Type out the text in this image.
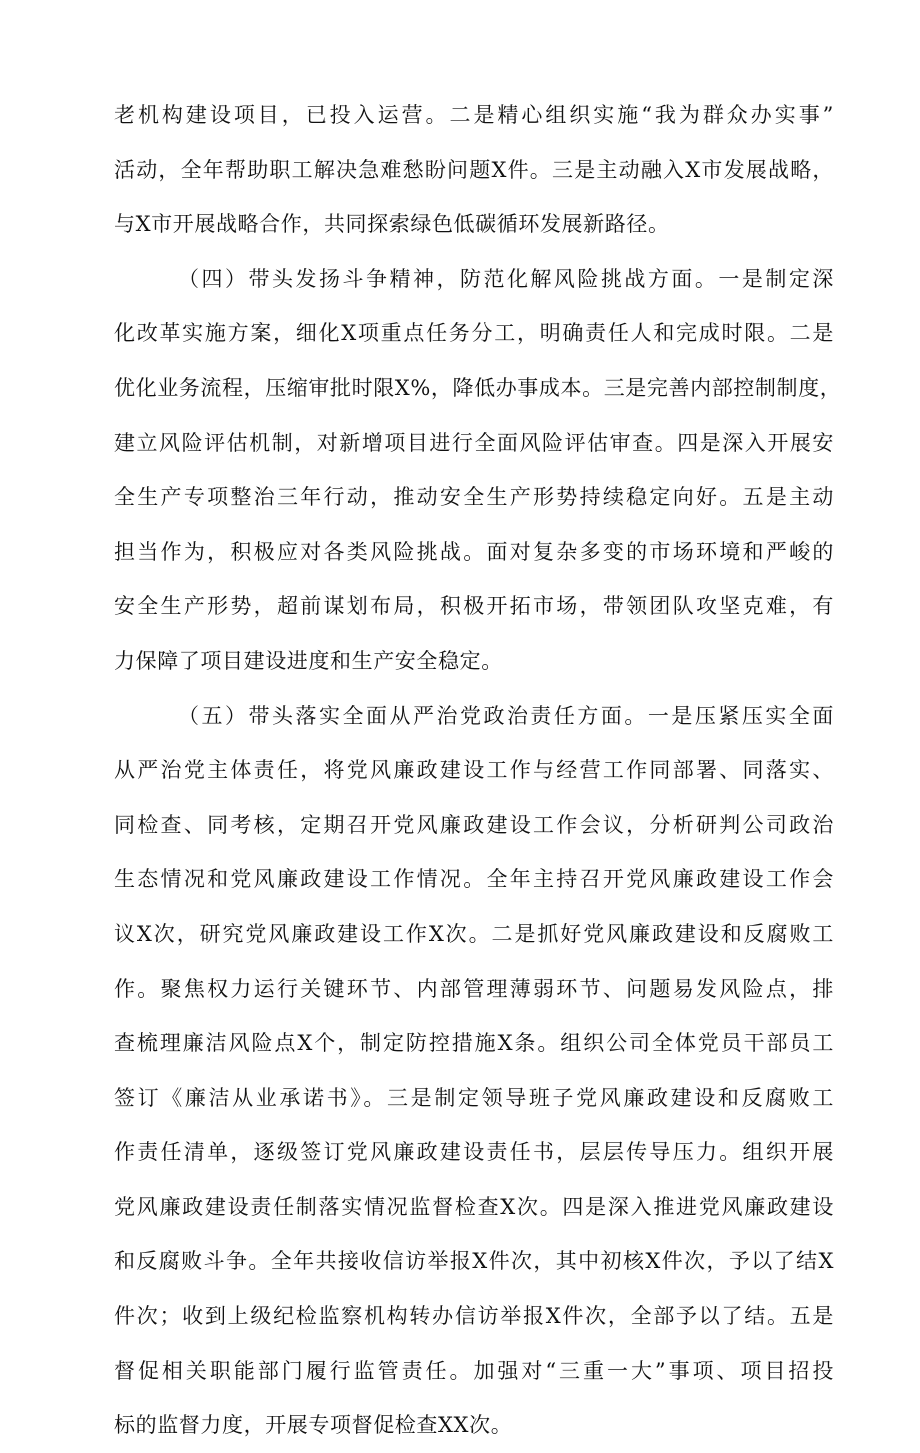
老机构建设项目，已投入运营。二是精心组织实施“我为群众办实事”
活动，全年帮助职工解决急难愁盼问题X件。三是主动融入X市发展战略，
与X市开展战略合作，共同探索绿色低碳循环发展新路径。
（四）带头发扬斗争精神，防范化解风险挑战方面。一是制定深
化改革实施方案，细化X项重点任务分工，明确责任人和完成时限。二是
优化业务流程，压缩审批时限X%，降低办事成本。三是完善内部控制制度，
建立风险评估机制，对新增项目进行全面风险评估审查。四是深入开展安
全生产专项整治三年行动，推动安全生产形势持续稳定向好。五是主动
担当作为，积极应对各类风险挑战。面对复杂多变的市场环境和严峻的
安全生产形势，超前谋划布局，积极开拓市场，带领团队攻坚克难，有
力保障了项目建设进度和生产安全稳定。
（五）带头落实全面从严治党政治责任方面。一是压紧压实全面
从严治党主体责任，将党风廉政建设工作与经营工作同部署、同落实、
同检查、同考核，定期召开党风廉政建设工作会议，分析研判公司政治
生态情况和党风廉政建设工作情况。全年主持召开党风廉政建设工作会
议X次，研究党风廉政建设工作X次。二是抓好党风廉政建设和反腐败工
作。聚焦权力运行关键环节、内部管理薄弱环节、问题易发风险点，排
查梳理廉洁风险点X个，制定防控措施X条。组织公司全体党员干部员工
签订《廉洁从业承诺书》。三是制定领导班子党风廉政建设和反腐败工
作责任清单，逐级签订党风廉政建设责任书，层层传导压力。组织开展
党风廉政建设责任制落实情况监督检查X次。四是深入推进党风廉政建设
和反腐败斗争。全年共接收信访举报X件次，其中初核X件次，予以了结X
件次；收到上级纪检监察机构转办信访举报X件次，全部予以了结。五是
督促相关职能部门履行监管责任。加强对“三重一大”事项、项目招投
标的监督力度，开展专项督促检查XX次。
